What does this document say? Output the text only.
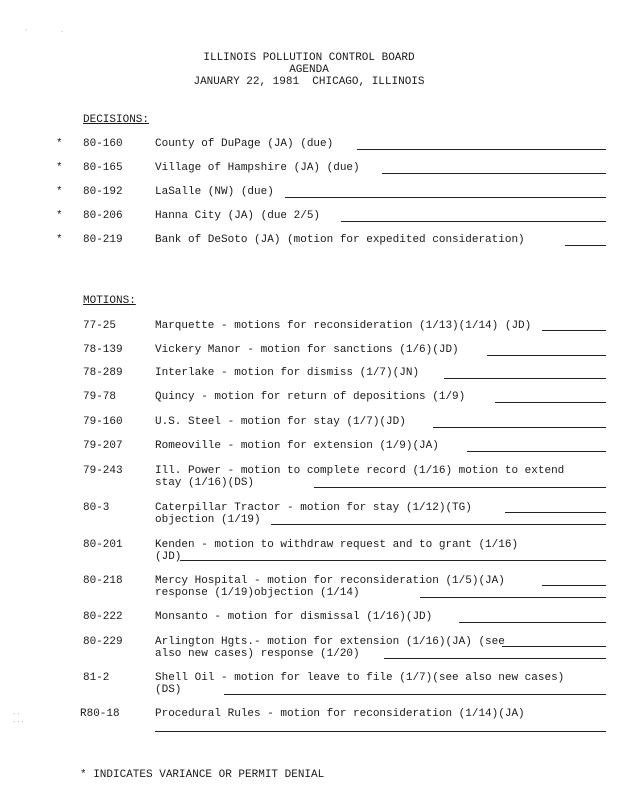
˙	˙
˙˙
˙˙˙
ILLINOIS POLLUTION CONTROL BOARD
AGENDA
JANUARY 22, 1981  CHICAGO, ILLINOIS
DECISIONS:
* 80-160	County of DuPage (JA) (due)
* 80-165	Village of Hampshire (JA) (due)
* 80-192	LaSalle (NW) (due)
* 80-206	Hanna City (JA) (due 2/5)
* 80-219	Bank of DeSoto (JA) (motion for expedited consideration)
MOTIONS:
77-25	Marquette - motions for reconsideration (1/13)(1/14) (JD)
78-139	Vickery Manor - motion for sanctions (1/6)(JD)
78-289	Interlake - motion for dismiss (1/7)(JN)
79-78	Quincy - motion for return of depositions (1/9)
79-160	U.S. Steel - motion for stay (1/7)(JD)
79-207	Romeoville - motion for extension (1/9)(JA)
79-243	Ill. Power - motion to complete record (1/16) motion to extend stay (1/16)(DS)
80-3	Caterpillar Tractor - motion for stay (1/12)(TG) objection (1/19)
80-201	Kenden - motion to withdraw request and to grant (1/16) (JD)
80-218	Mercy Hospital - motion for reconsideration (1/5)(JA) response (1/19)objection (1/14)
80-222	Monsanto - motion for dismissal (1/16)(JD)
80-229	Arlington Hgts.- motion for extension (1/16)(JA) (see also new cases) response (1/20)
81-2	Shell Oil - motion for leave to file (1/7)(see also new cases)(DS)
R80-18	Procedural Rules - motion for reconsideration (1/14)(JA)
* INDICATES VARIANCE OR PERMIT DENIAL
